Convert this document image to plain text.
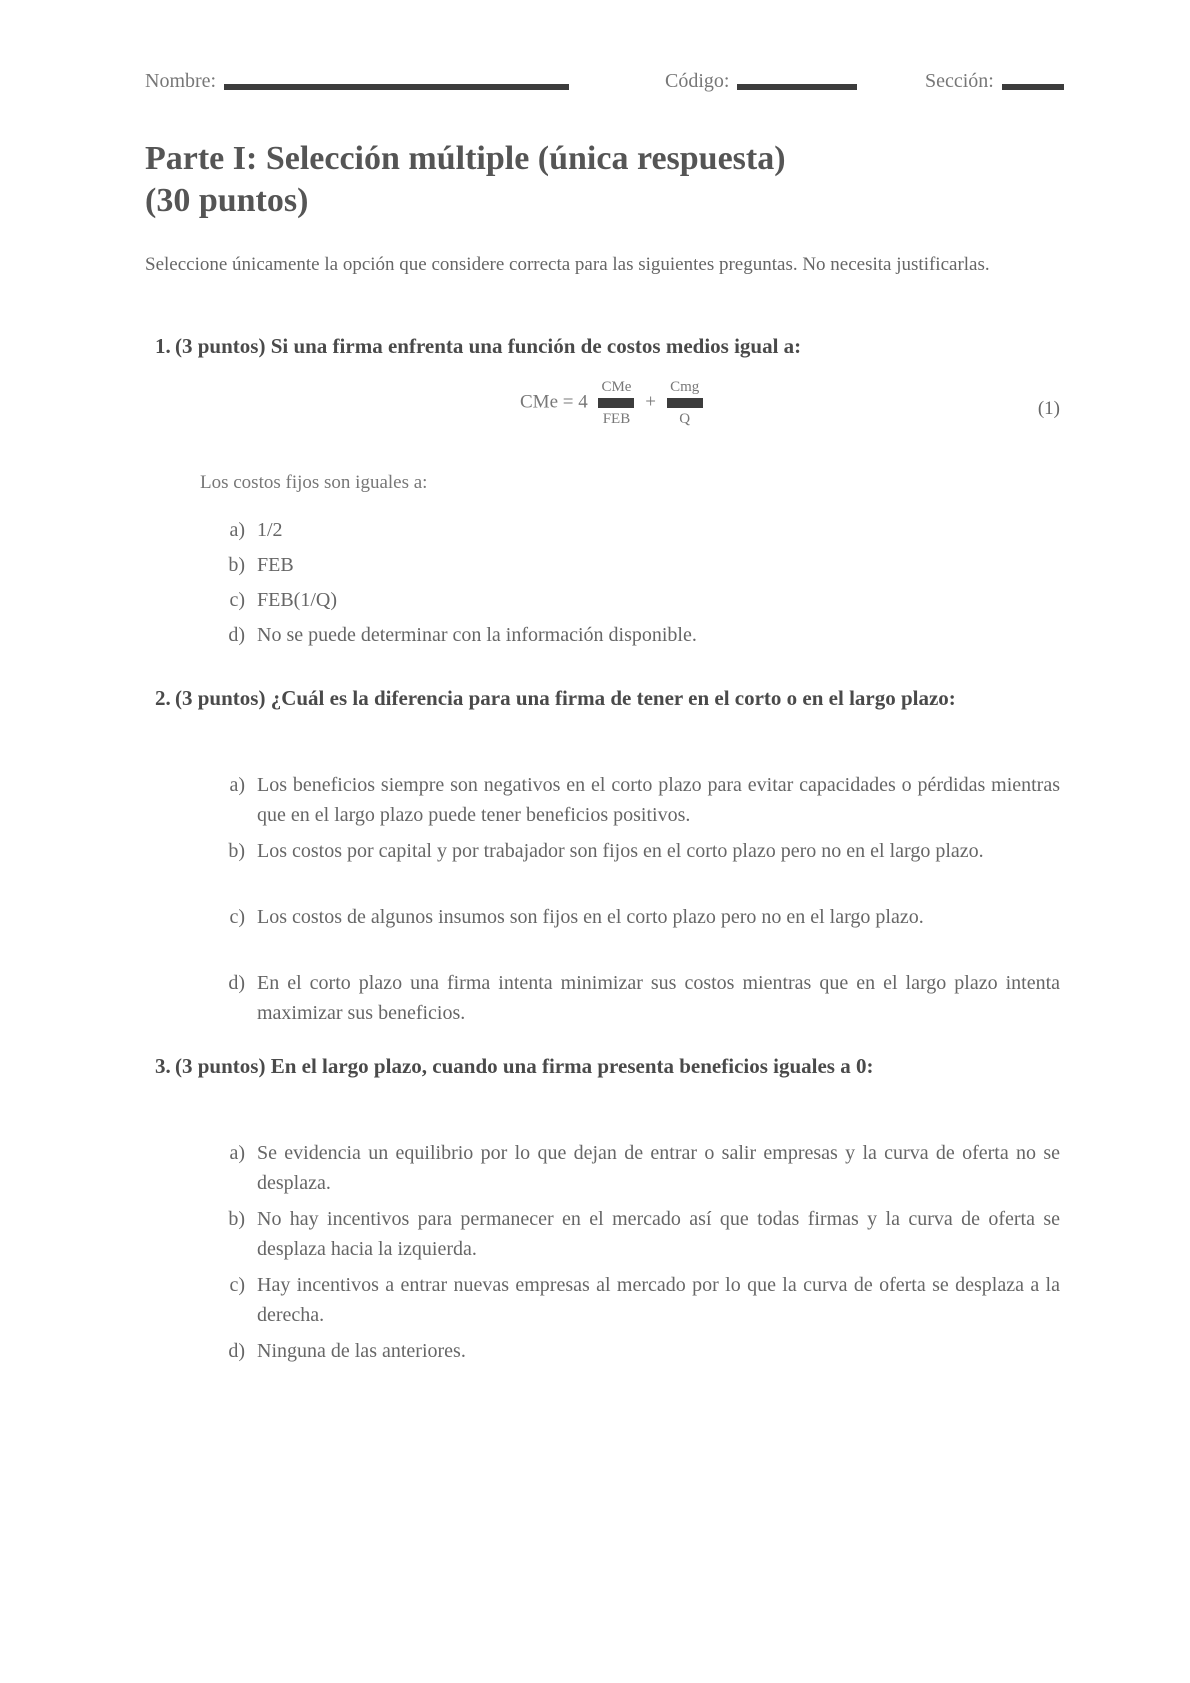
Nombre:	Código:	Sección:
Parte I: Selección múltiple (única respuesta)
(30 puntos)
Seleccione únicamente la opción que considere correcta para las siguientes preguntas. No necesita justificarlas.
1. (3 puntos) Si una firma enfrenta una función de costos medios igual a:
CMe = 4
CMe
FEB
+
Cmg
Q	(1)
Los costos fijos son iguales a:
a) 1/2
b) FEB
c) FEB(1/Q)
d) No se puede determinar con la información disponible.
2. (3 puntos) ¿Cuál es la diferencia para una firma de tener en el corto o en el largo plazo:
a) Los beneficios siempre son negativos en el corto plazo para evitar capacidades o pérdidas mientras que en el largo plazo puede tener beneficios positivos.
b) Los costos por capital y por trabajador son fijos en el corto plazo pero no en el largo plazo.
c) Los costos de algunos insumos son fijos en el corto plazo pero no en el largo plazo.
d) En el corto plazo una firma intenta minimizar sus costos mientras que en el largo plazo intenta maximizar sus beneficios.
3. (3 puntos) En el largo plazo, cuando una firma presenta beneficios iguales a 0:
a) Se evidencia un equilibrio por lo que dejan de entrar o salir empresas y la curva de oferta no se desplaza.
b) No hay incentivos para permanecer en el mercado así que todas firmas y la curva de oferta se desplaza hacia la izquierda.
c) Hay incentivos a entrar nuevas empresas al mercado por lo que la curva de oferta se desplaza a la derecha.
d) Ninguna de las anteriores.
